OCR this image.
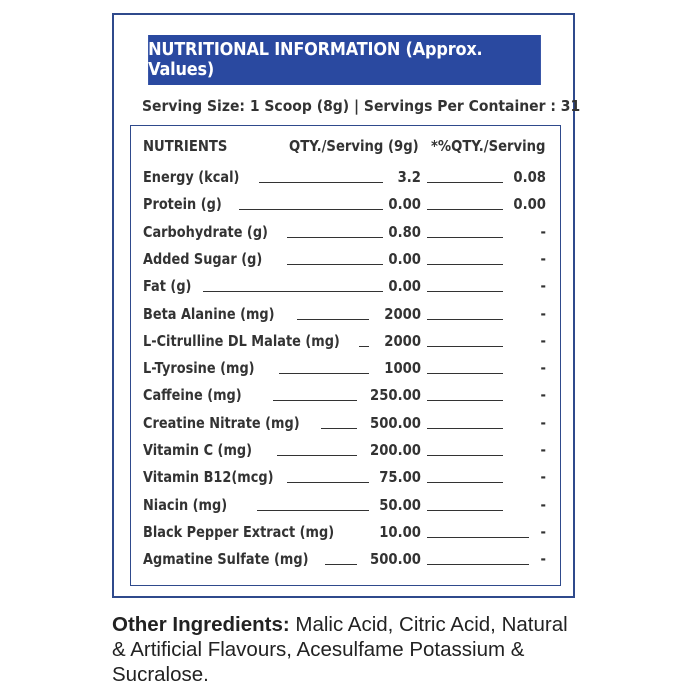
NUTRITIONAL INFORMATION (Approx. Values)
Serving Size: 1 Scoop (8g) | Servings Per Container : 31
NUTRIENTS	QTY./Serving (9g) *%QTY./Serving
Energy (kcal)	3.2	0.08
Protein (g)	0.00	0.00
Carbohydrate (g)	0.80	-
Added Sugar (g)	0.00	-
Fat (g)	0.00	-
Beta Alanine (mg)	2000	-
L-Citrulline DL Malate (mg)	2000	-
L-Tyrosine (mg)	1000	-
Caffeine (mg)	250.00	-
Creatine Nitrate (mg)	500.00	-
Vitamin C (mg)	200.00	-
Vitamin B12(mcg)	75.00	-
Niacin (mg)	50.00	-
Black Pepper Extract (mg)	10.00	-
Agmatine Sulfate (mg)	500.00	-
Other Ingredients: Malic Acid, Citric Acid, Natural & Artificial Flavours, Acesulfame Potassium & Sucralose.
